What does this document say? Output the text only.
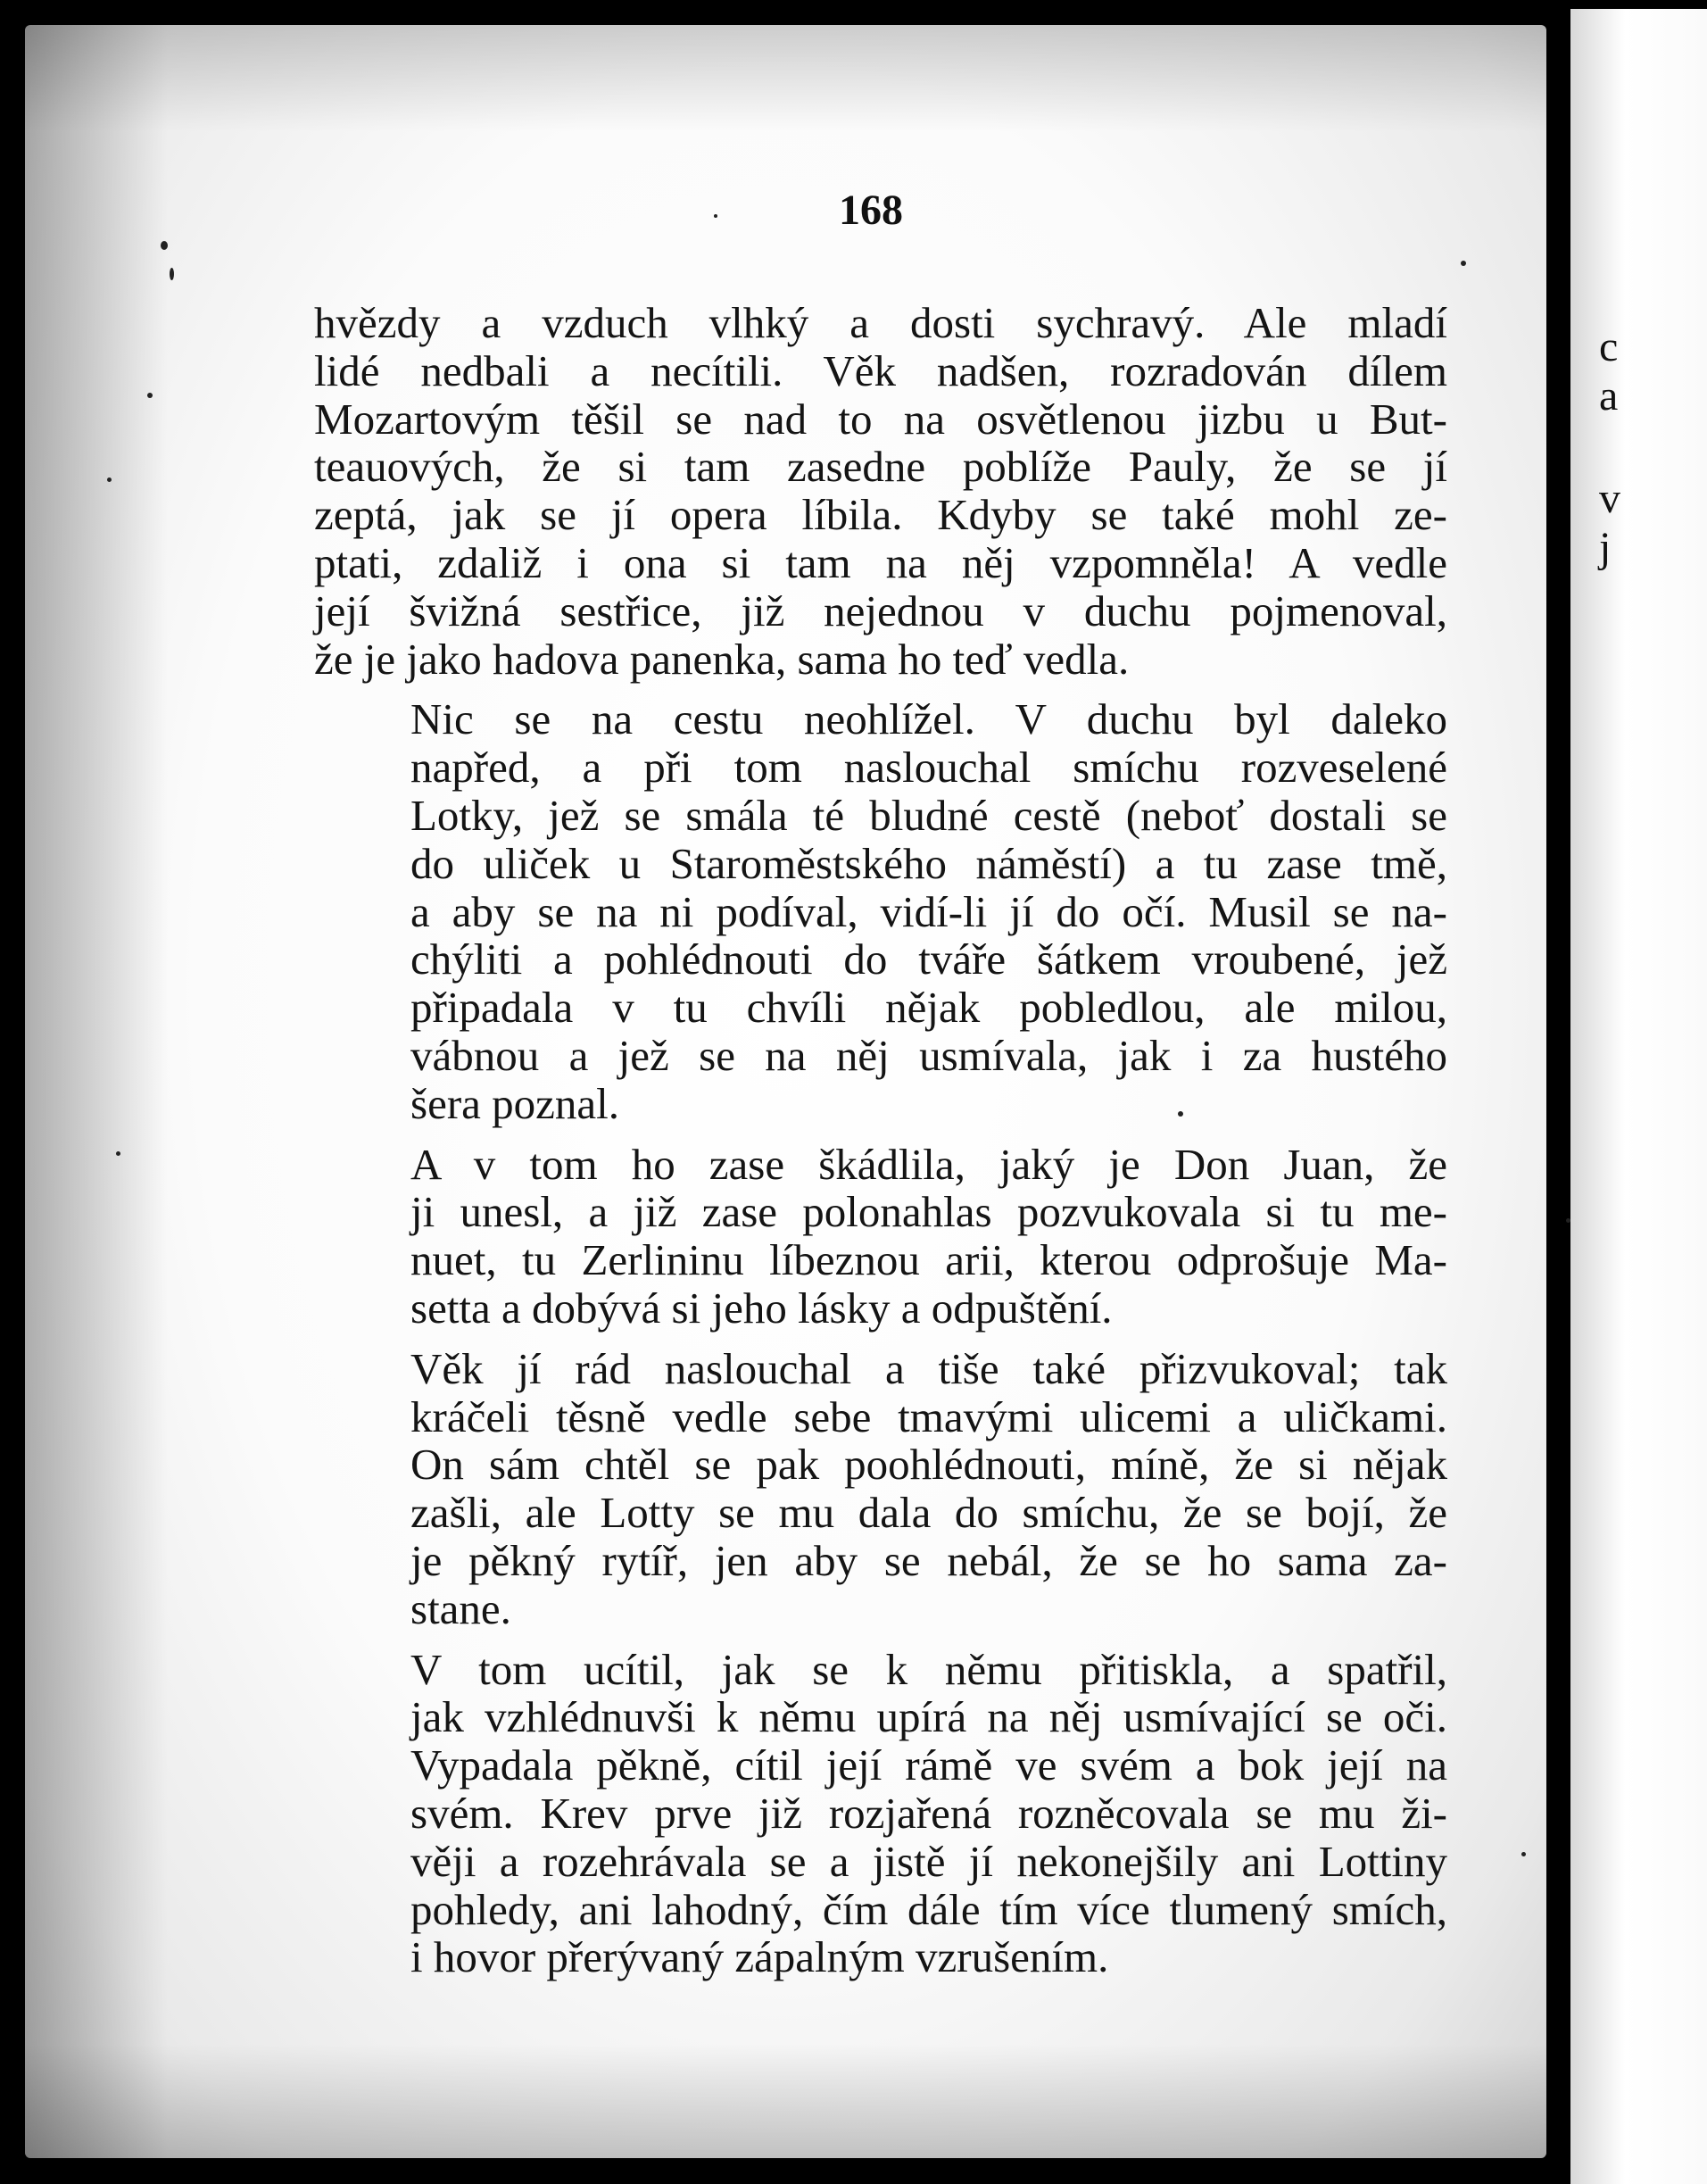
c
a
v
j
168

hvězdy a vzduch vlhký a dosti sychravý. Ale mladí
lidé nedbali a necítili. Věk nadšen, rozradován dílem
Mozartovým těšil se nad to na osvětlenou jizbu u But-
teauových, že si tam zasedne poblíže Pauly, že se jí
zeptá, jak se jí opera líbila. Kdyby se také mohl ze-
ptati, zdaliž i ona si tam na něj vzpomněla! A vedle
její švižná sestřice, již nejednou v duchu pojmenoval,
že je jako hadova panenka, sama ho teď vedla.

Nic se na cestu neohlížel. V duchu byl daleko
napřed, a při tom naslouchal smíchu rozveselené
Lotky, jež se smála té bludné cestě (neboť dostali se
do uliček u Staroměstského náměstí) a tu zase tmě,
a aby se na ni podíval, vidí-li jí do očí. Musil se na-
chýliti a pohlédnouti do tváře šátkem vroubené, jež
připadala v tu chvíli nějak pobledlou, ale milou,
vábnou a jež se na něj usmívala, jak i za hustého
šera poznal.

A v tom ho zase škádlila, jaký je Don Juan, že
ji unesl, a již zase polonahlas pozvukovala si tu me-
nuet, tu Zerlininu líbeznou arii, kterou odprošuje Ma-
setta a dobývá si jeho lásky a odpuštění.

Věk jí rád naslouchal a tiše také přizvukoval; tak
kráčeli těsně vedle sebe tmavými ulicemi a uličkami.
On sám chtěl se pak poohlédnouti, míně, že si nějak
zašli, ale Lotty se mu dala do smíchu, že se bojí, že
je pěkný rytíř, jen aby se nebál, že se ho sama za-
stane.

V tom ucítil, jak se k němu přitiskla, a spatřil,
jak vzhlédnuvši k němu upírá na něj usmívající se oči.
Vypadala pěkně, cítil její rámě ve svém a bok její na
svém. Krev prve již rozjařená rozněcovala se mu ži-
věji a rozehrávala se a jistě jí nekonejšily ani Lottiny
pohledy, ani lahodný, čím dále tím více tlumený smích,
i hovor přerývaný zápalným vzrušením.
